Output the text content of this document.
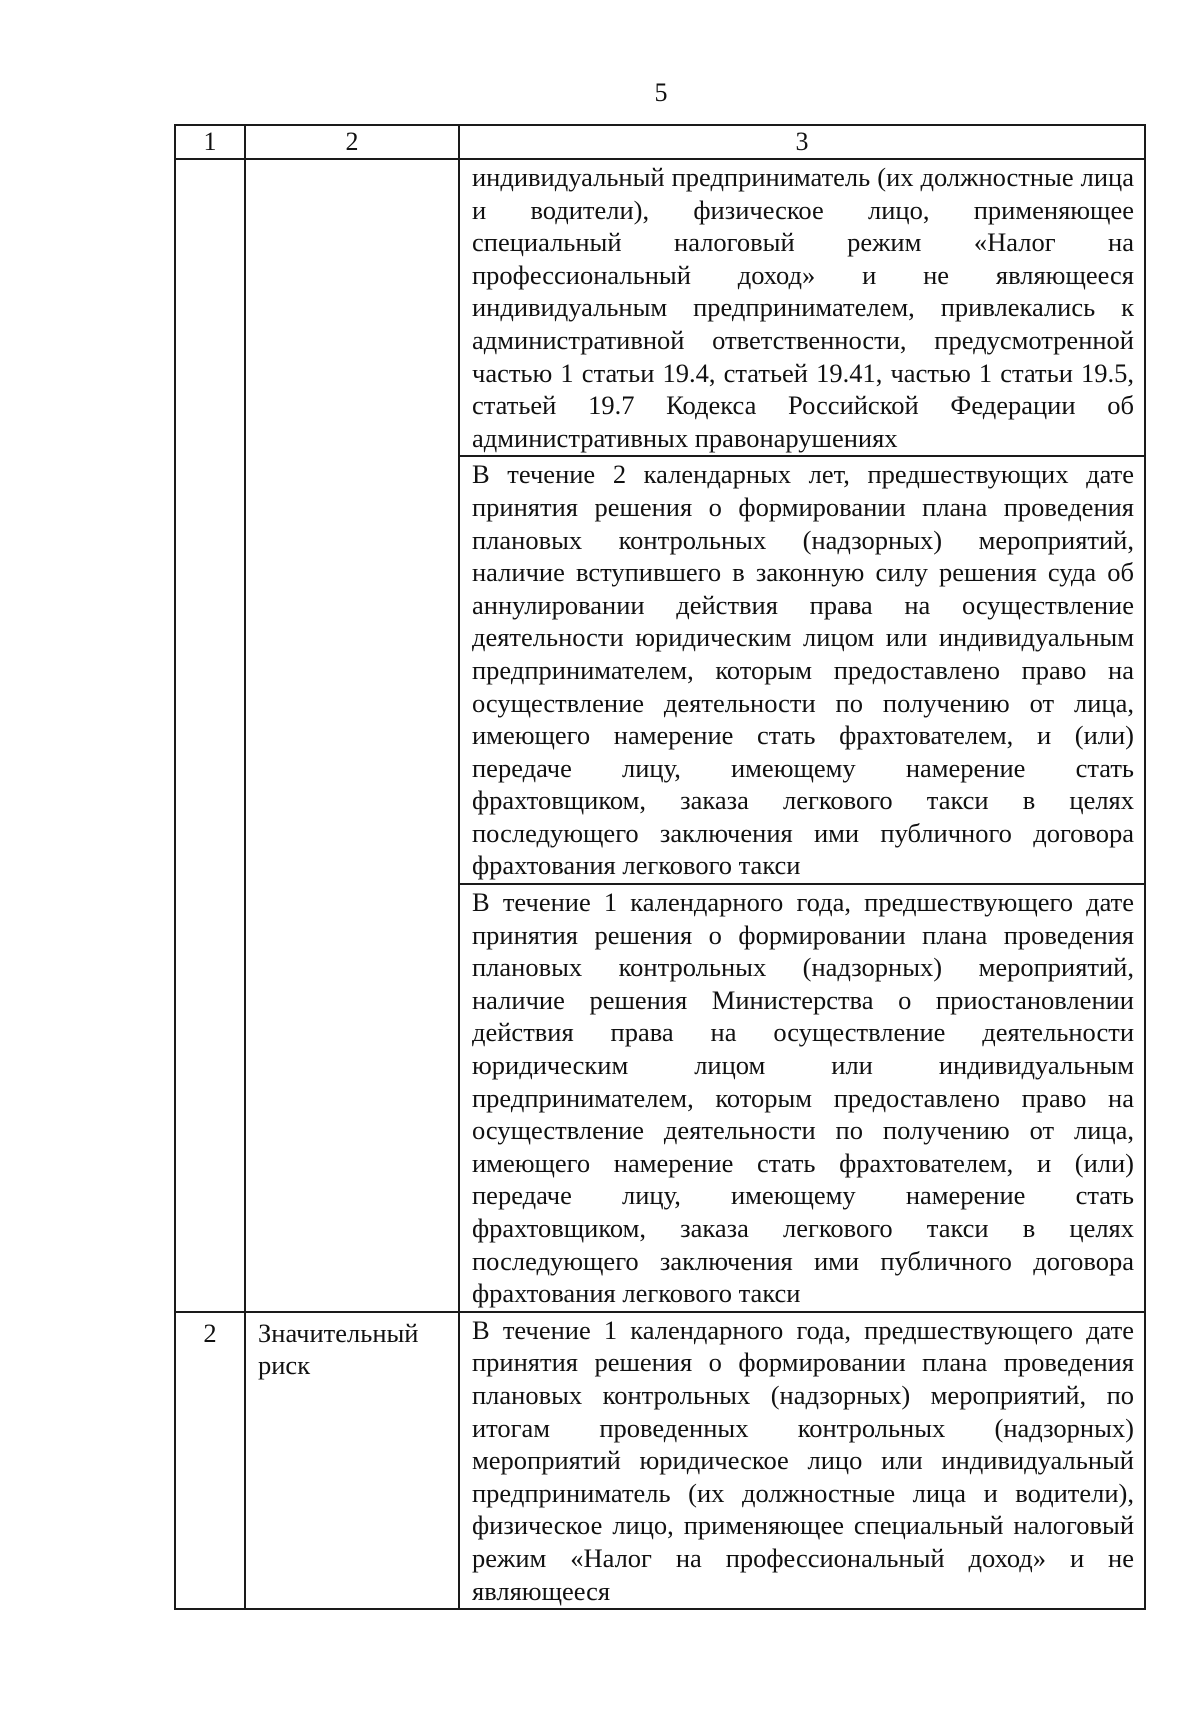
5
1	2	3
		индивидуальный предприниматель (их должностные лица и водители), физическое лицо, применяющее специальный налоговый режим «Налог на профессиональный доход» и не являющееся индивидуальным предпринимателем, привлекались к административной ответственности, предусмотренной частью 1 статьи 19.4, статьей 19.41, частью 1 статьи 19.5, статьей 19.7 Кодекса Российской Федерации об административных правонарушениях
		В течение 2 календарных лет, предшествующих дате принятия решения о формировании плана проведения плановых контрольных (надзорных) мероприятий, наличие вступившего в законную силу решения суда об аннулировании действия права на осуществление деятельности юридическим лицом или индивидуальным предпринимателем, которым предоставлено право на осуществление деятельности по получению от лица, имеющего намерение стать фрахтователем, и (или) передаче лицу, имеющему намерение стать фрахтовщиком, заказа легкового такси в целях последующего заключения ими публичного договора фрахтования легкового такси
		В течение 1 календарного года, предшествующего дате принятия решения о формировании плана проведения плановых контрольных (надзорных) мероприятий, наличие решения Министерства о приостановлении действия права на осуществление деятельности юридическим лицом или индивидуальным предпринимателем, которым предоставлено право на осуществление деятельности по получению от лица, имеющего намерение стать фрахтователем, и (или) передаче лицу, имеющему намерение стать фрахтовщиком, заказа легкового такси в целях последующего заключения ими публичного договора фрахтования легкового такси
2	Значительный риск	В течение 1 календарного года, предшествующего дате принятия решения о формировании плана проведения плановых контрольных (надзорных) мероприятий, по итогам проведенных контрольных (надзорных) мероприятий юридическое лицо или индивидуальный предприниматель (их должностные лица и водители), физическое лицо, применяющее специальный налоговый режим «Налог на профессиональный доход» и не являющееся
